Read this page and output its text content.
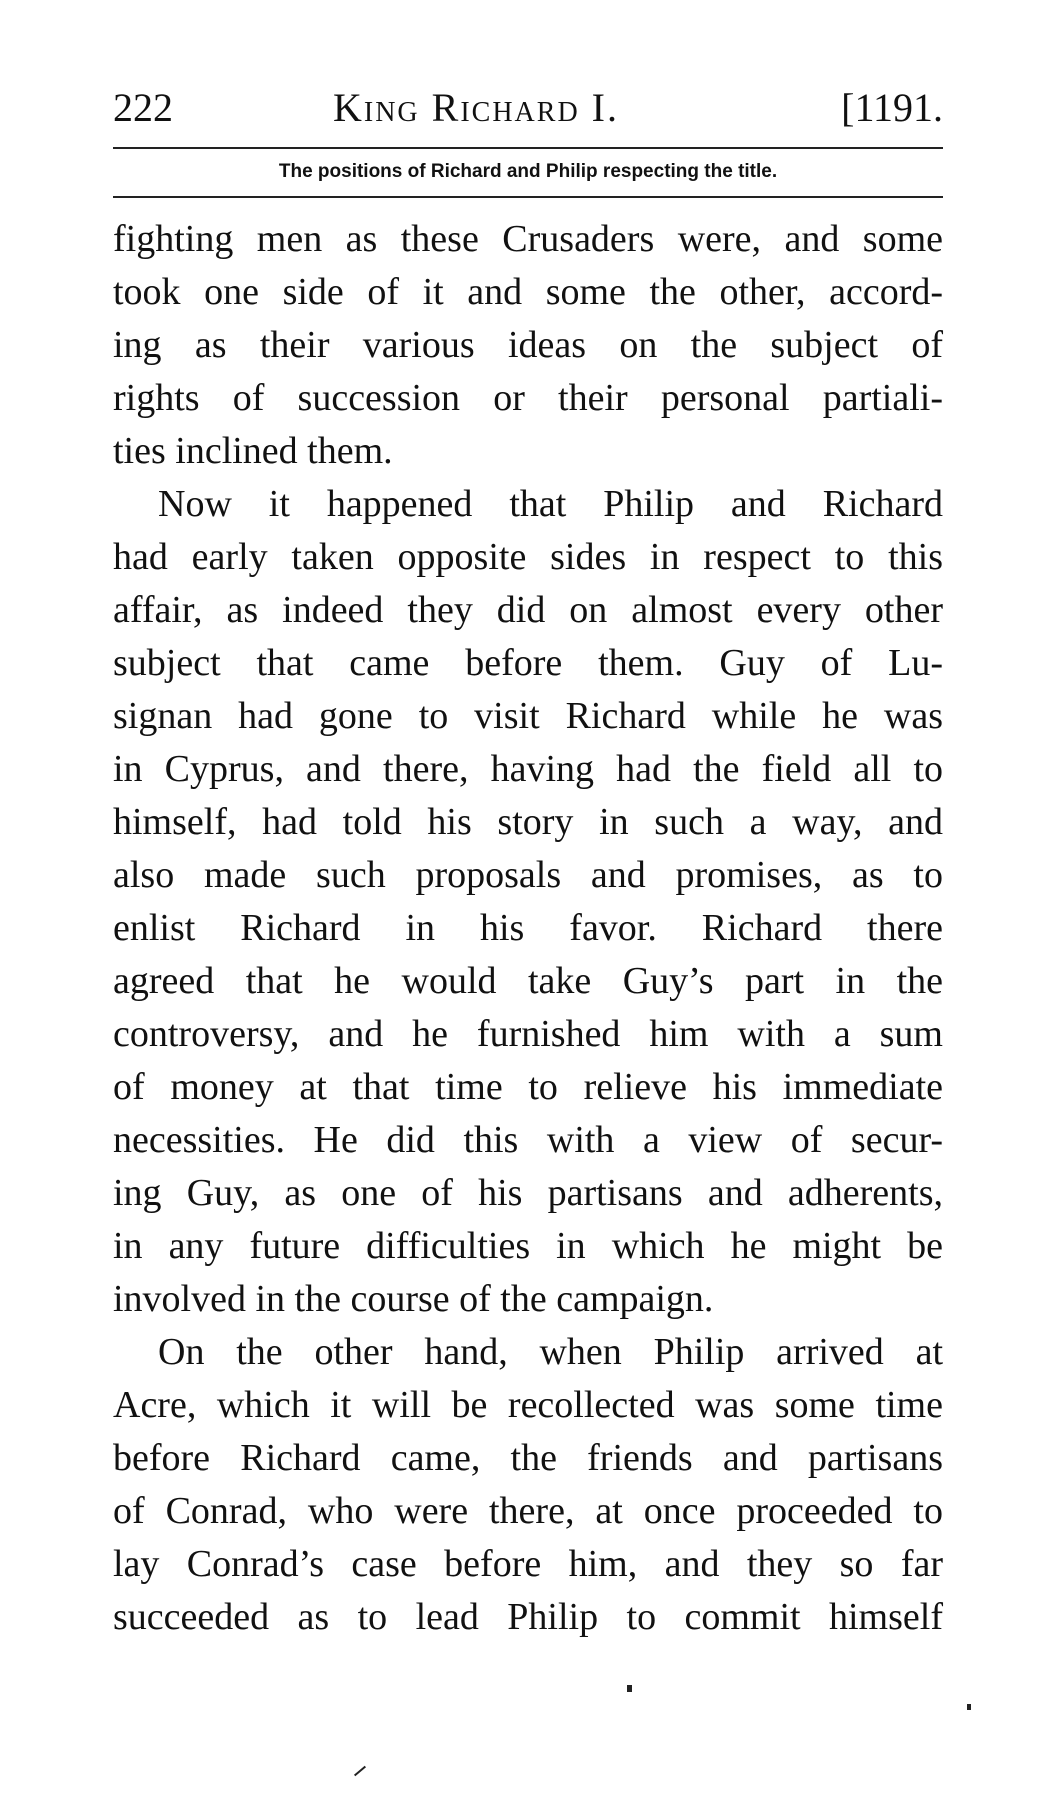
222	King Richard I.	[1191.
The positions of Richard and Philip respecting the title.
fighting men as these Crusaders were, and some
took one side of it and some the other, accord-
ing as their various ideas on the subject of
rights of succession or their personal partiali-
ties inclined them.
Now it happened that Philip and Richard
had early taken opposite sides in respect to this
affair, as indeed they did on almost every other
subject that came before them. Guy of Lu-
signan had gone to visit Richard while he was
in Cyprus, and there, having had the field all to
himself, had told his story in such a way, and
also made such proposals and promises, as to
enlist Richard in his favor. Richard there
agreed that he would take Guy’s part in the
controversy, and he furnished him with a sum
of money at that time to relieve his immediate
necessities. He did this with a view of secur-
ing Guy, as one of his partisans and adherents,
in any future difficulties in which he might be
involved in the course of the campaign.
On the other hand, when Philip arrived at
Acre, which it will be recollected was some time
before Richard came, the friends and partisans
of Conrad, who were there, at once proceeded to
lay Conrad’s case before him, and they so far
succeeded as to lead Philip to commit himself
